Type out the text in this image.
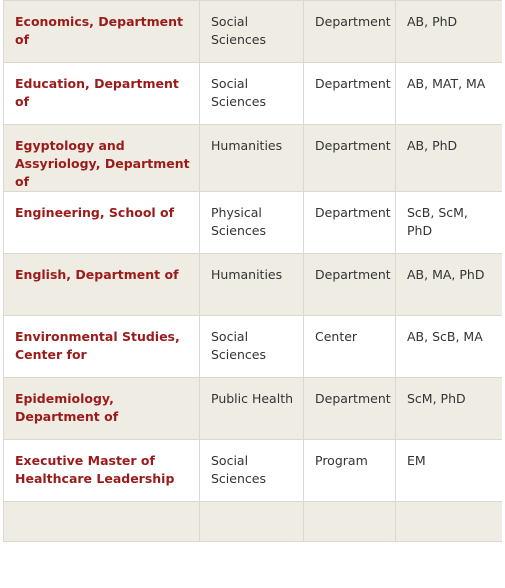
Economics, Department of	Social Sciences	Department	AB, PhD
Education, Department of	Social Sciences	Department	AB, MAT, MA
Egyptology and Assyriology, Department of	Humanities	Department	AB, PhD
Engineering, School of	Physical Sciences	Department	ScB, ScM, PhD
English, Department of	Humanities	Department	AB, MA, PhD
Environmental Studies, Center for	Social Sciences	Center	AB, ScB, MA
Epidemiology, Department of	Public Health	Department	ScM, PhD
Executive Master of Healthcare Leadership	Social Sciences	Program	EM
